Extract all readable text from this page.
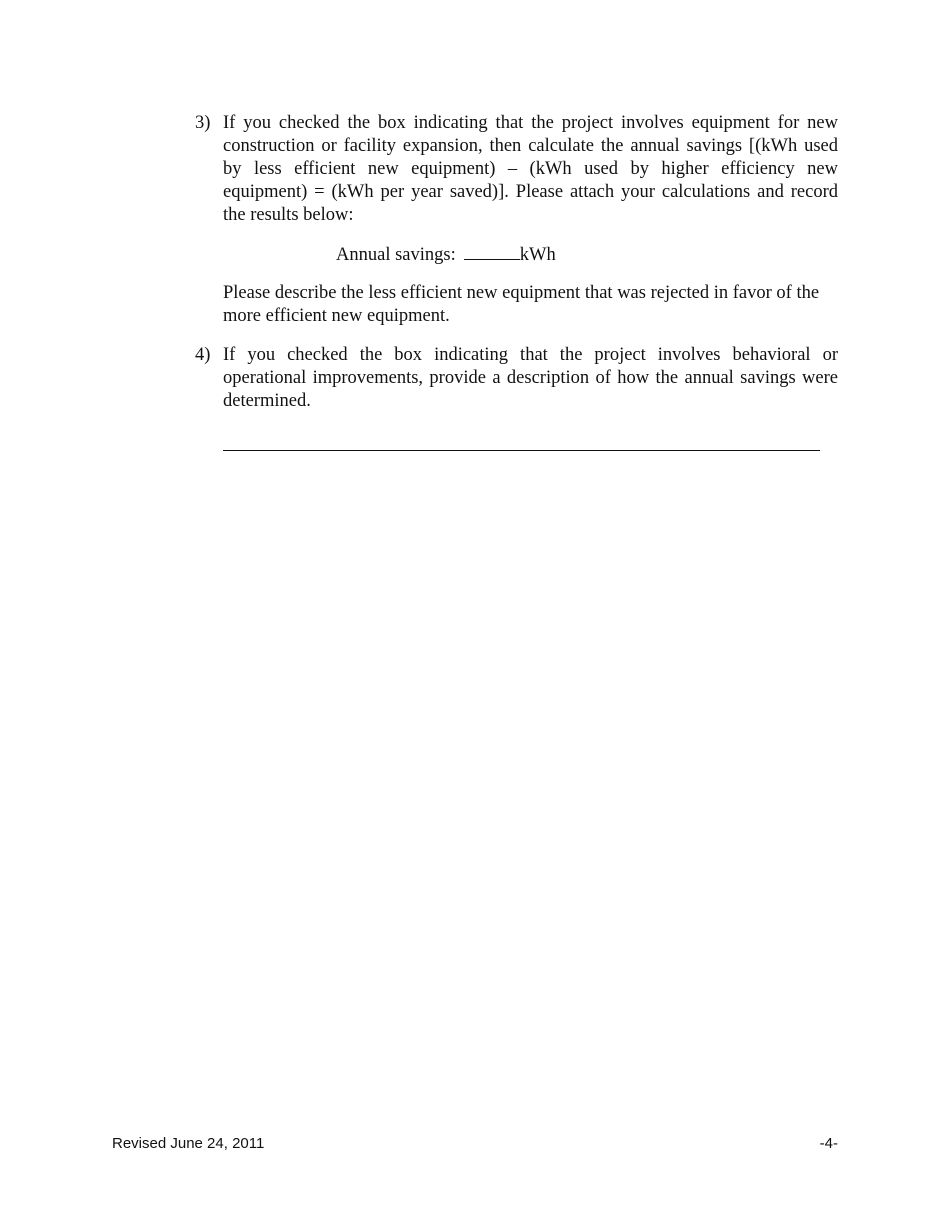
3) If you checked the box indicating that the project involves equipment for new construction or facility expansion, then calculate the annual savings [(kWh used by less efficient new equipment) – (kWh used by higher efficiency new equipment) = (kWh per year saved)]. Please attach your calculations and record the results below:
Annual savings:	kWh
Please describe the less efficient new equipment that was rejected in favor of the more efficient new equipment.
4) If you checked the box indicating that the project involves behavioral or operational improvements, provide a description of how the annual savings were determined.
Revised June 24, 2011	-4-
